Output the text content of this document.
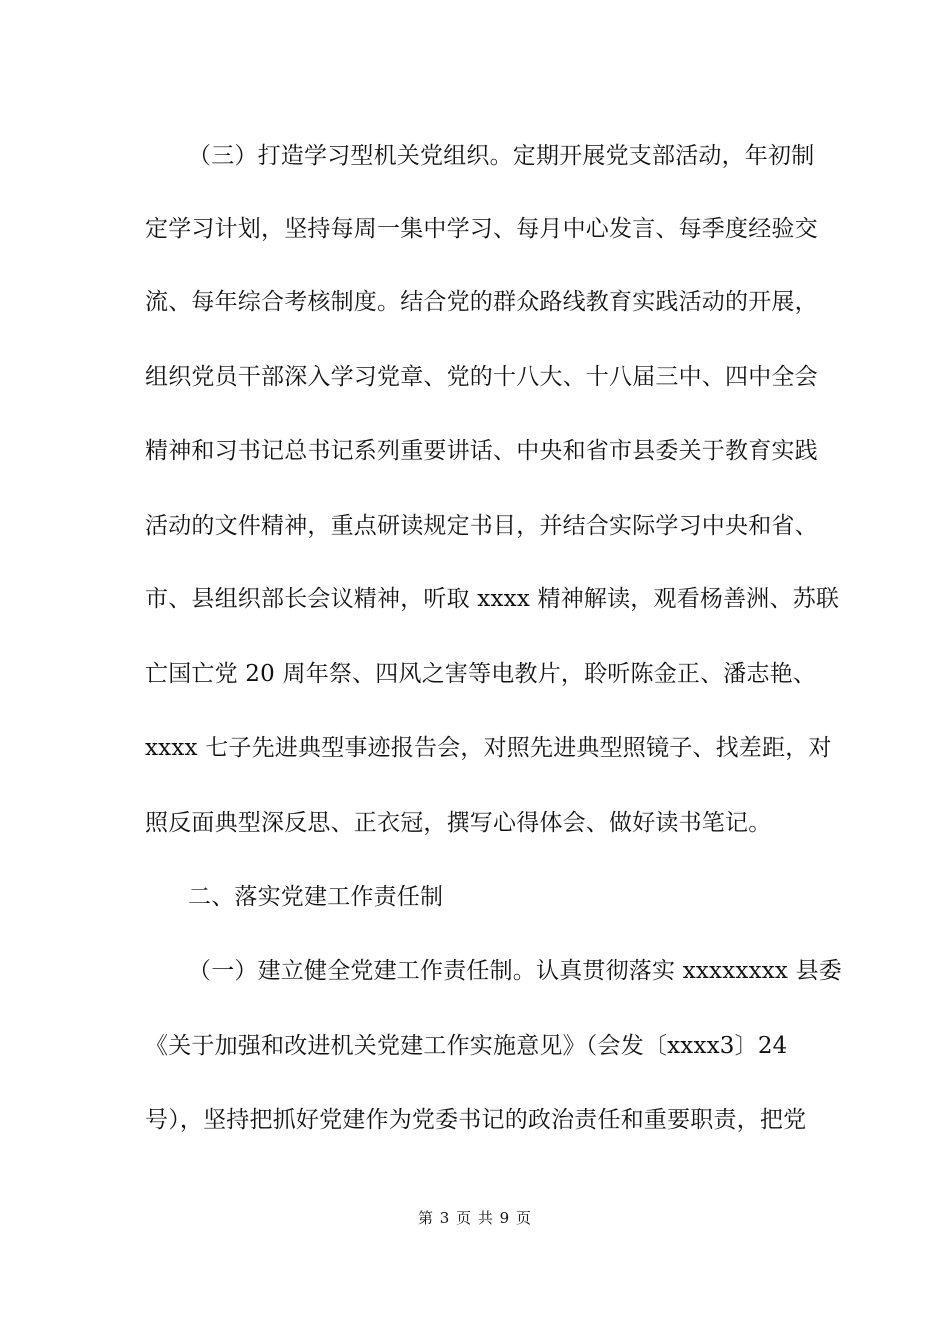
（三）打造学习型机关党组织。定期开展党支部活动，年初制
定学习计划，坚持每周一集中学习、每月中心发言、每季度经验交
流、每年综合考核制度。结合党的群众路线教育实践活动的开展，
组织党员干部深入学习党章、党的十八大、十八届三中、四中全会
精神和习书记总书记系列重要讲话、中央和省市县委关于教育实践
活动的文件精神，重点研读规定书目，并结合实际学习中央和省、
市、县组织部长会议精神，听取 xxxx 精神解读，观看杨善洲、苏联
亡国亡党 20 周年祭、四风之害等电教片，聆听陈金正、潘志艳、
xxxx 七子先进典型事迹报告会，对照先进典型照镜子、找差距，对
照反面典型深反思、正衣冠，撰写心得体会、做好读书笔记。
二、落实党建工作责任制
（一）建立健全党建工作责任制。认真贯彻落实 xxxxxxxx 县委
《关于加强和改进机关党建工作实施意见》（会发〔xxxx3〕24
号），坚持把抓好党建作为党委书记的政治责任和重要职责，把党
第 3 页 共 9 页
